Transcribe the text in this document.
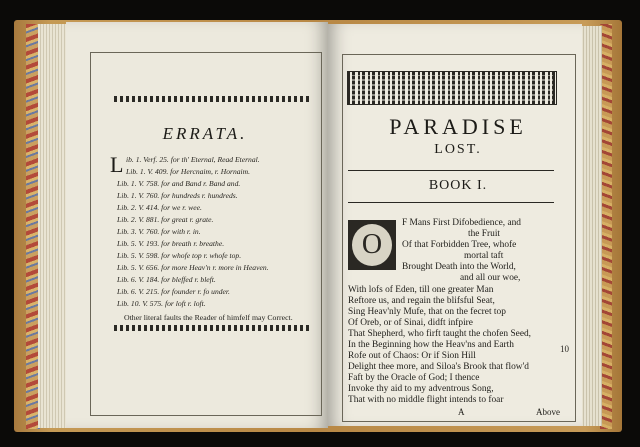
ERRATA.
L ib. 1. Verf. 25. for th' Eternal, Read Eternal.
Lib. 1. V. 409. for Hercnaim, r. Hornaim.
Lib. 1. V. 758. for and Band r. Band and.
Lib. 1. V. 760. for hundreds r. hundreds.
Lib. 2. V. 414. for we r. wee.
Lib. 2. V. 881. for great r. grate.
Lib. 3. V. 760. for with r. in.
Lib. 5. V. 193. for breath r. breathe.
Lib. 5. V. 598. for whofe top r. whofe top.
Lib. 5. V. 656. for more Heav'n r. more in Heaven.
Lib. 6. V. 184. for bleffed r. bleft.
Lib. 6. V. 215. for founder r. fo under.
Lib. 10. V. 575. for loft r. loft.
Other literal faults the Reader of himfelf may Correct.
PARADISE
LOST.
BOOK I.
O
F Mans First Difobedience, and
the Fruit
Of that Forbidden Tree, whofe
mortal taft
Brought Death into the World,
and all our woe,
With lofs of Eden, till one greater Man
Reftore us, and regain the blifsful Seat,
Sing Heav'nly Mufe, that on the fecret top
Of Oreb, or of Sinai, didft infpire
That Shepherd, who firft taught the chofen Seed,
In the Beginning how the Heav'ns and Earth
Rofe out of Chaos: Or if Sion Hill
Delight thee more, and Siloa's Brook that flow'd
Faft by the Oracle of God; I thence
Invoke thy aid to my adventrous Song,
That with no middle flight intends to foar
10
A	Above
